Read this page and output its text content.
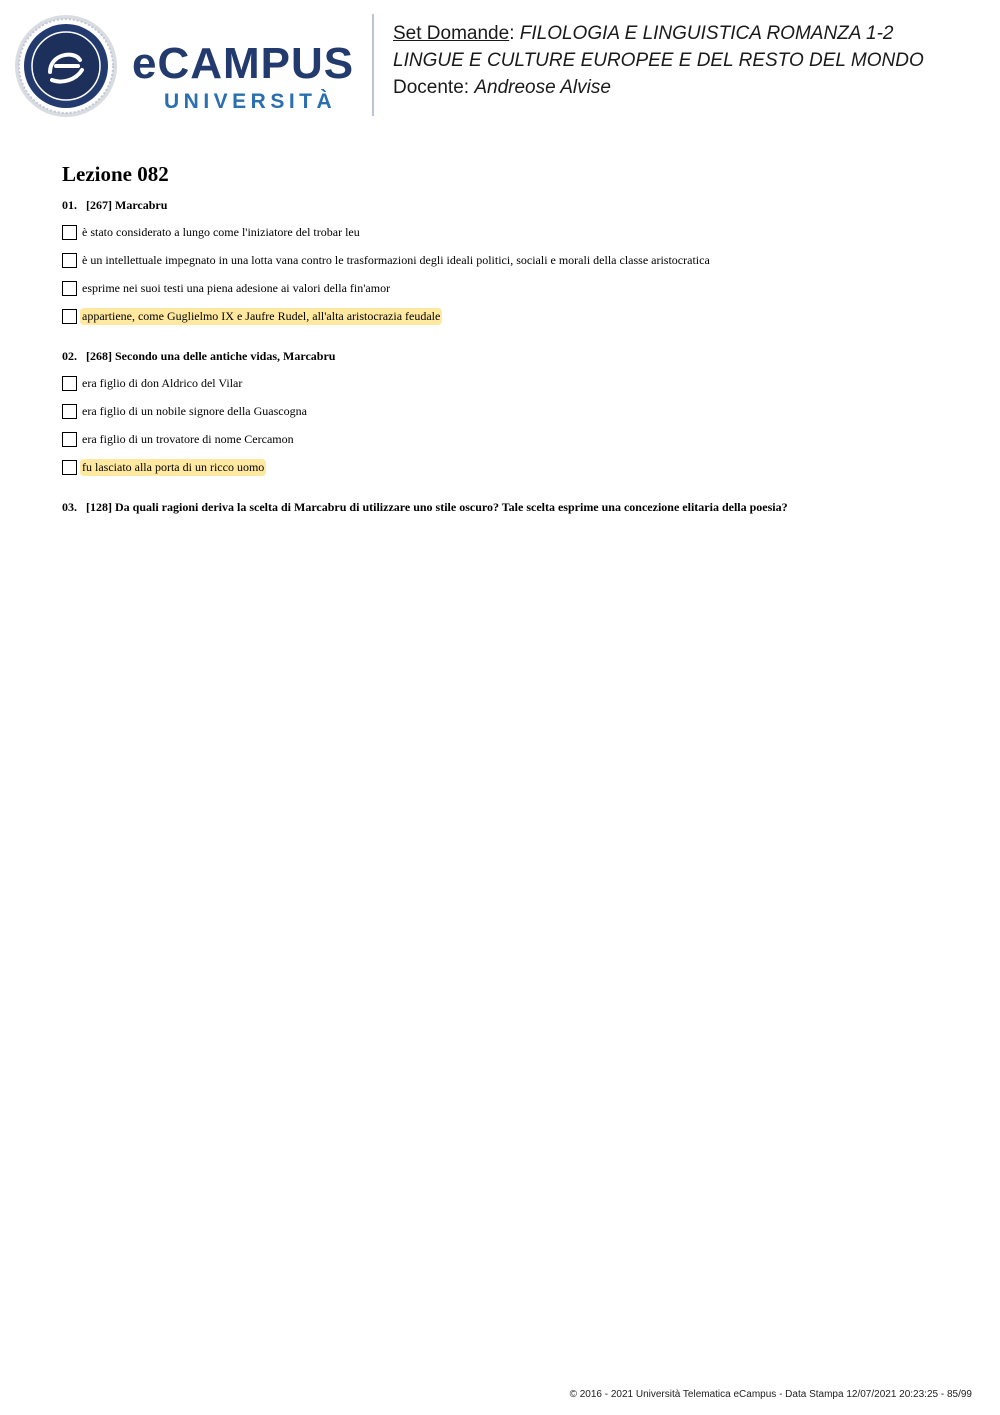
eCAMPUS
UNIVERSITÀ
Set Domande: FILOLOGIA E LINGUISTICA ROMANZA 1-2
LINGUE E CULTURE EUROPEE E DEL RESTO DEL MONDO
Docente: Andreose Alvise
Lezione 082
01. [267] Marcabru
è stato considerato a lungo come l'iniziatore del trobar leu
è un intellettuale impegnato in una lotta vana contro le trasformazioni degli ideali politici, sociali e morali della classe aristocratica
esprime nei suoi testi una piena adesione ai valori della fin'amor
appartiene, come Guglielmo IX e Jaufre Rudel, all'alta aristocrazia feudale
02. [268] Secondo una delle antiche vidas, Marcabru
era figlio di don Aldrico del Vilar
era figlio di un nobile signore della Guascogna
era figlio di un trovatore di nome Cercamon
fu lasciato alla porta di un ricco uomo
03. [128] Da quali ragioni deriva la scelta di Marcabru di utilizzare uno stile oscuro? Tale scelta esprime una concezione elitaria della poesia?
© 2016 - 2021 Università Telematica eCampus - Data Stampa 12/07/2021 20:23:25 - 85/99
